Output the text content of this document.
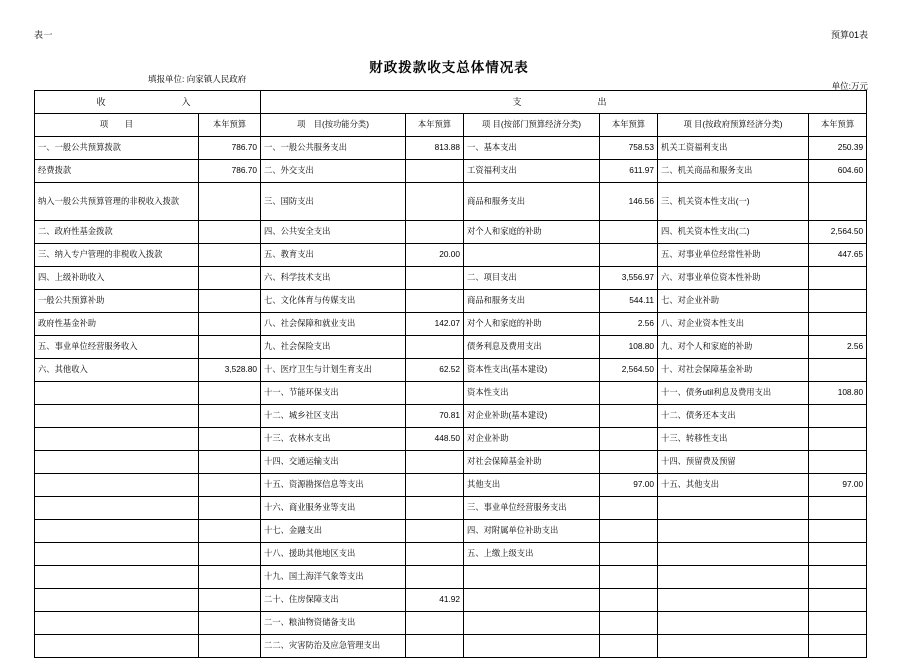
表一	预算01表
财政拨款收支总体情况表
填报单位: 向家镇人民政府
单位:万元
收　　　　入		支　　　　出					
项　　目	本年预算	项　目(按功能分类)	本年预算	项 目(按部门预算经济分类)	本年预算	项 目(按政府预算经济分类)	本年预算
一、一般公共预算拨款	786.70	一、一般公共服务支出	813.88	一、基本支出	758.53	机关工资福利支出	250.39
经费拨款	786.70	二、外交支出		工资福利支出	611.97	二、机关商品和服务支出	604.60
纳入一般公共预算管理的非税收入拨款		三、国防支出		商品和服务支出	146.56	三、机关资本性支出(一)	
二、政府性基金拨款		四、公共安全支出		对个人和家庭的补助		四、机关资本性支出(二)	2,564.50
三、纳入专户管理的非税收入拨款		五、教育支出	20.00			五、对事业单位经常性补助	447.65
四、上级补助收入		六、科学技术支出		二、项目支出	3,556.97	六、对事业单位资本性补助	
一般公共预算补助		七、文化体育与传媒支出		商品和服务支出	544.11	七、对企业补助	
政府性基金补助		八、社会保障和就业支出	142.07	对个人和家庭的补助	2.56	八、对企业资本性支出	
五、事业单位经营服务收入		九、社会保险支出		债务利息及费用支出	108.80	九、对个人和家庭的补助	2.56
六、其他收入	3,528.80	十、医疗卫生与计划生育支出	62.52	资本性支出(基本建设)	2,564.50	十、对社会保障基金补助	
		十一、节能环保支出		资本性支出		十一、债务util利息及费用支出	108.80
		十二、城乡社区支出	70.81	对企业补助(基本建设)		十二、债务还本支出	
		十三、农林水支出	448.50	对企业补助		十三、转移性支出	
		十四、交通运输支出		对社会保障基金补助		十四、预留费及预留	
		十五、资源勘探信息等支出		其他支出	97.00	十五、其他支出	97.00
		十六、商业服务业等支出		三、事业单位经营服务支出			
		十七、金融支出		四、对附属单位补助支出			
		十八、援助其他地区支出		五、上缴上级支出			
		十九、国土海洋气象等支出					
		二十、住房保障支出	41.92				
		二一、粮油物资储备支出					
		二二、灾害防治及应急管理支出					
